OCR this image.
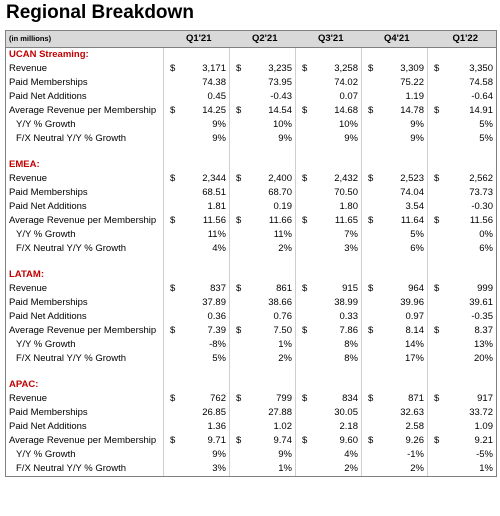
Regional Breakdown
(in millions)	Q1'21		Q2'21		Q3'21		Q4'21		Q1'22	
UCAN Streaming:										
Revenue	$	3,171	$	3,235	$	3,258	$	3,309	$	3,350
Paid Memberships		74.38		73.95		74.02		75.22		74.58
Paid Net Additions		0.45		-0.43		0.07		1.19		-0.64
Average Revenue per Membership	$	14.25	$	14.54	$	14.68	$	14.78	$	14.91
Y/Y % Growth		9%		10%		10%		9%		5%
F/X Neutral Y/Y % Growth		9%		9%		9%		9%		5%

EMEA:										
Revenue	$	2,344	$	2,400	$	2,432	$	2,523	$	2,562
Paid Memberships		68.51		68.70		70.50		74.04		73.73
Paid Net Additions		1.81		0.19		1.80		3.54		-0.30
Average Revenue per Membership	$	11.56	$	11.66	$	11.65	$	11.64	$	11.56
Y/Y % Growth		11%		11%		7%		5%		0%
F/X Neutral Y/Y % Growth		4%		2%		3%		6%		6%

LATAM:										
Revenue	$	837	$	861	$	915	$	964	$	999
Paid Memberships		37.89		38.66		38.99		39.96		39.61
Paid Net Additions		0.36		0.76		0.33		0.97		-0.35
Average Revenue per Membership	$	7.39	$	7.50	$	7.86	$	8.14	$	8.37
Y/Y % Growth		-8%		1%		8%		14%		13%
F/X Neutral Y/Y % Growth		5%		2%		8%		17%		20%

APAC:										
Revenue	$	762	$	799	$	834	$	871	$	917
Paid Memberships		26.85		27.88		30.05		32.63		33.72
Paid Net Additions		1.36		1.02		2.18		2.58		1.09
Average Revenue per Membership	$	9.71	$	9.74	$	9.60	$	9.26	$	9.21
Y/Y % Growth		9%		9%		4%		-1%		-5%
F/X Neutral Y/Y % Growth		3%		1%		2%		2%		1%
